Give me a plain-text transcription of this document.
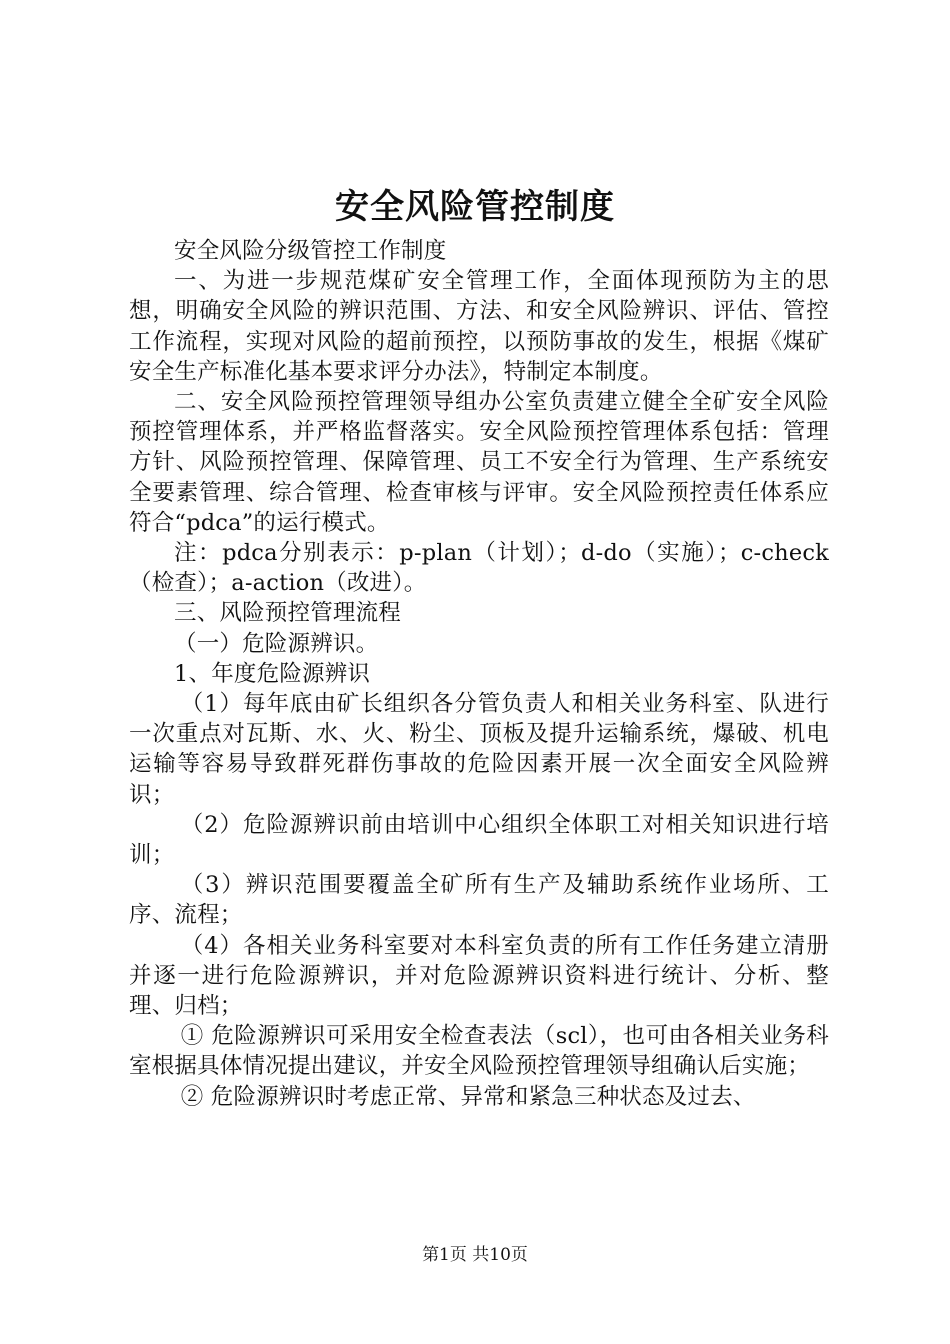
安全风险管控制度

安全风险分级管控工作制度

一、为进一步规范煤矿安全管理工作，全面体现预防为主的思想，明确安全风险的辨识范围、方法、和安全风险辨识、评估、管控工作流程，实现对风险的超前预控，以预防事故的发生，根据《煤矿安全生产标准化基本要求评分办法》，特制定本制度。

二、安全风险预控管理领导组办公室负责建立健全全矿安全风险预控管理体系，并严格监督落实。安全风险预控管理体系包括：管理方针、风险预控管理、保障管理、员工不安全行为管理、生产系统安全要素管理、综合管理、检查审核与评审。安全风险预控责任体系应符合“pdca”的运行模式。

注：pdca分别表示：p-plan（计划）；d-do（实施）；c-check（检查）；a-action（改进）。

三、风险预控管理流程

（一）危险源辨识。

1、年度危险源辨识

（1）每年底由矿长组织各分管负责人和相关业务科室、队进行一次重点对瓦斯、水、火、粉尘、顶板及提升运输系统，爆破、机电运输等容易导致群死群伤事故的危险因素开展一次全面安全风险辨识；

（2）危险源辨识前由培训中心组织全体职工对相关知识进行培训；

（3）辨识范围要覆盖全矿所有生产及辅助系统作业场所、工序、流程；

（4）各相关业务科室要对本科室负责的所有工作任务建立清册并逐一进行危险源辨识，并对危险源辨识资料进行统计、分析、整理、归档；

① 危险源辨识可采用安全检查表法（scl），也可由各相关业务科室根据具体情况提出建议，并安全风险预控管理领导组确认后实施；

② 危险源辨识时考虑正常、异常和紧急三种状态及过去、

第1页 共10页
